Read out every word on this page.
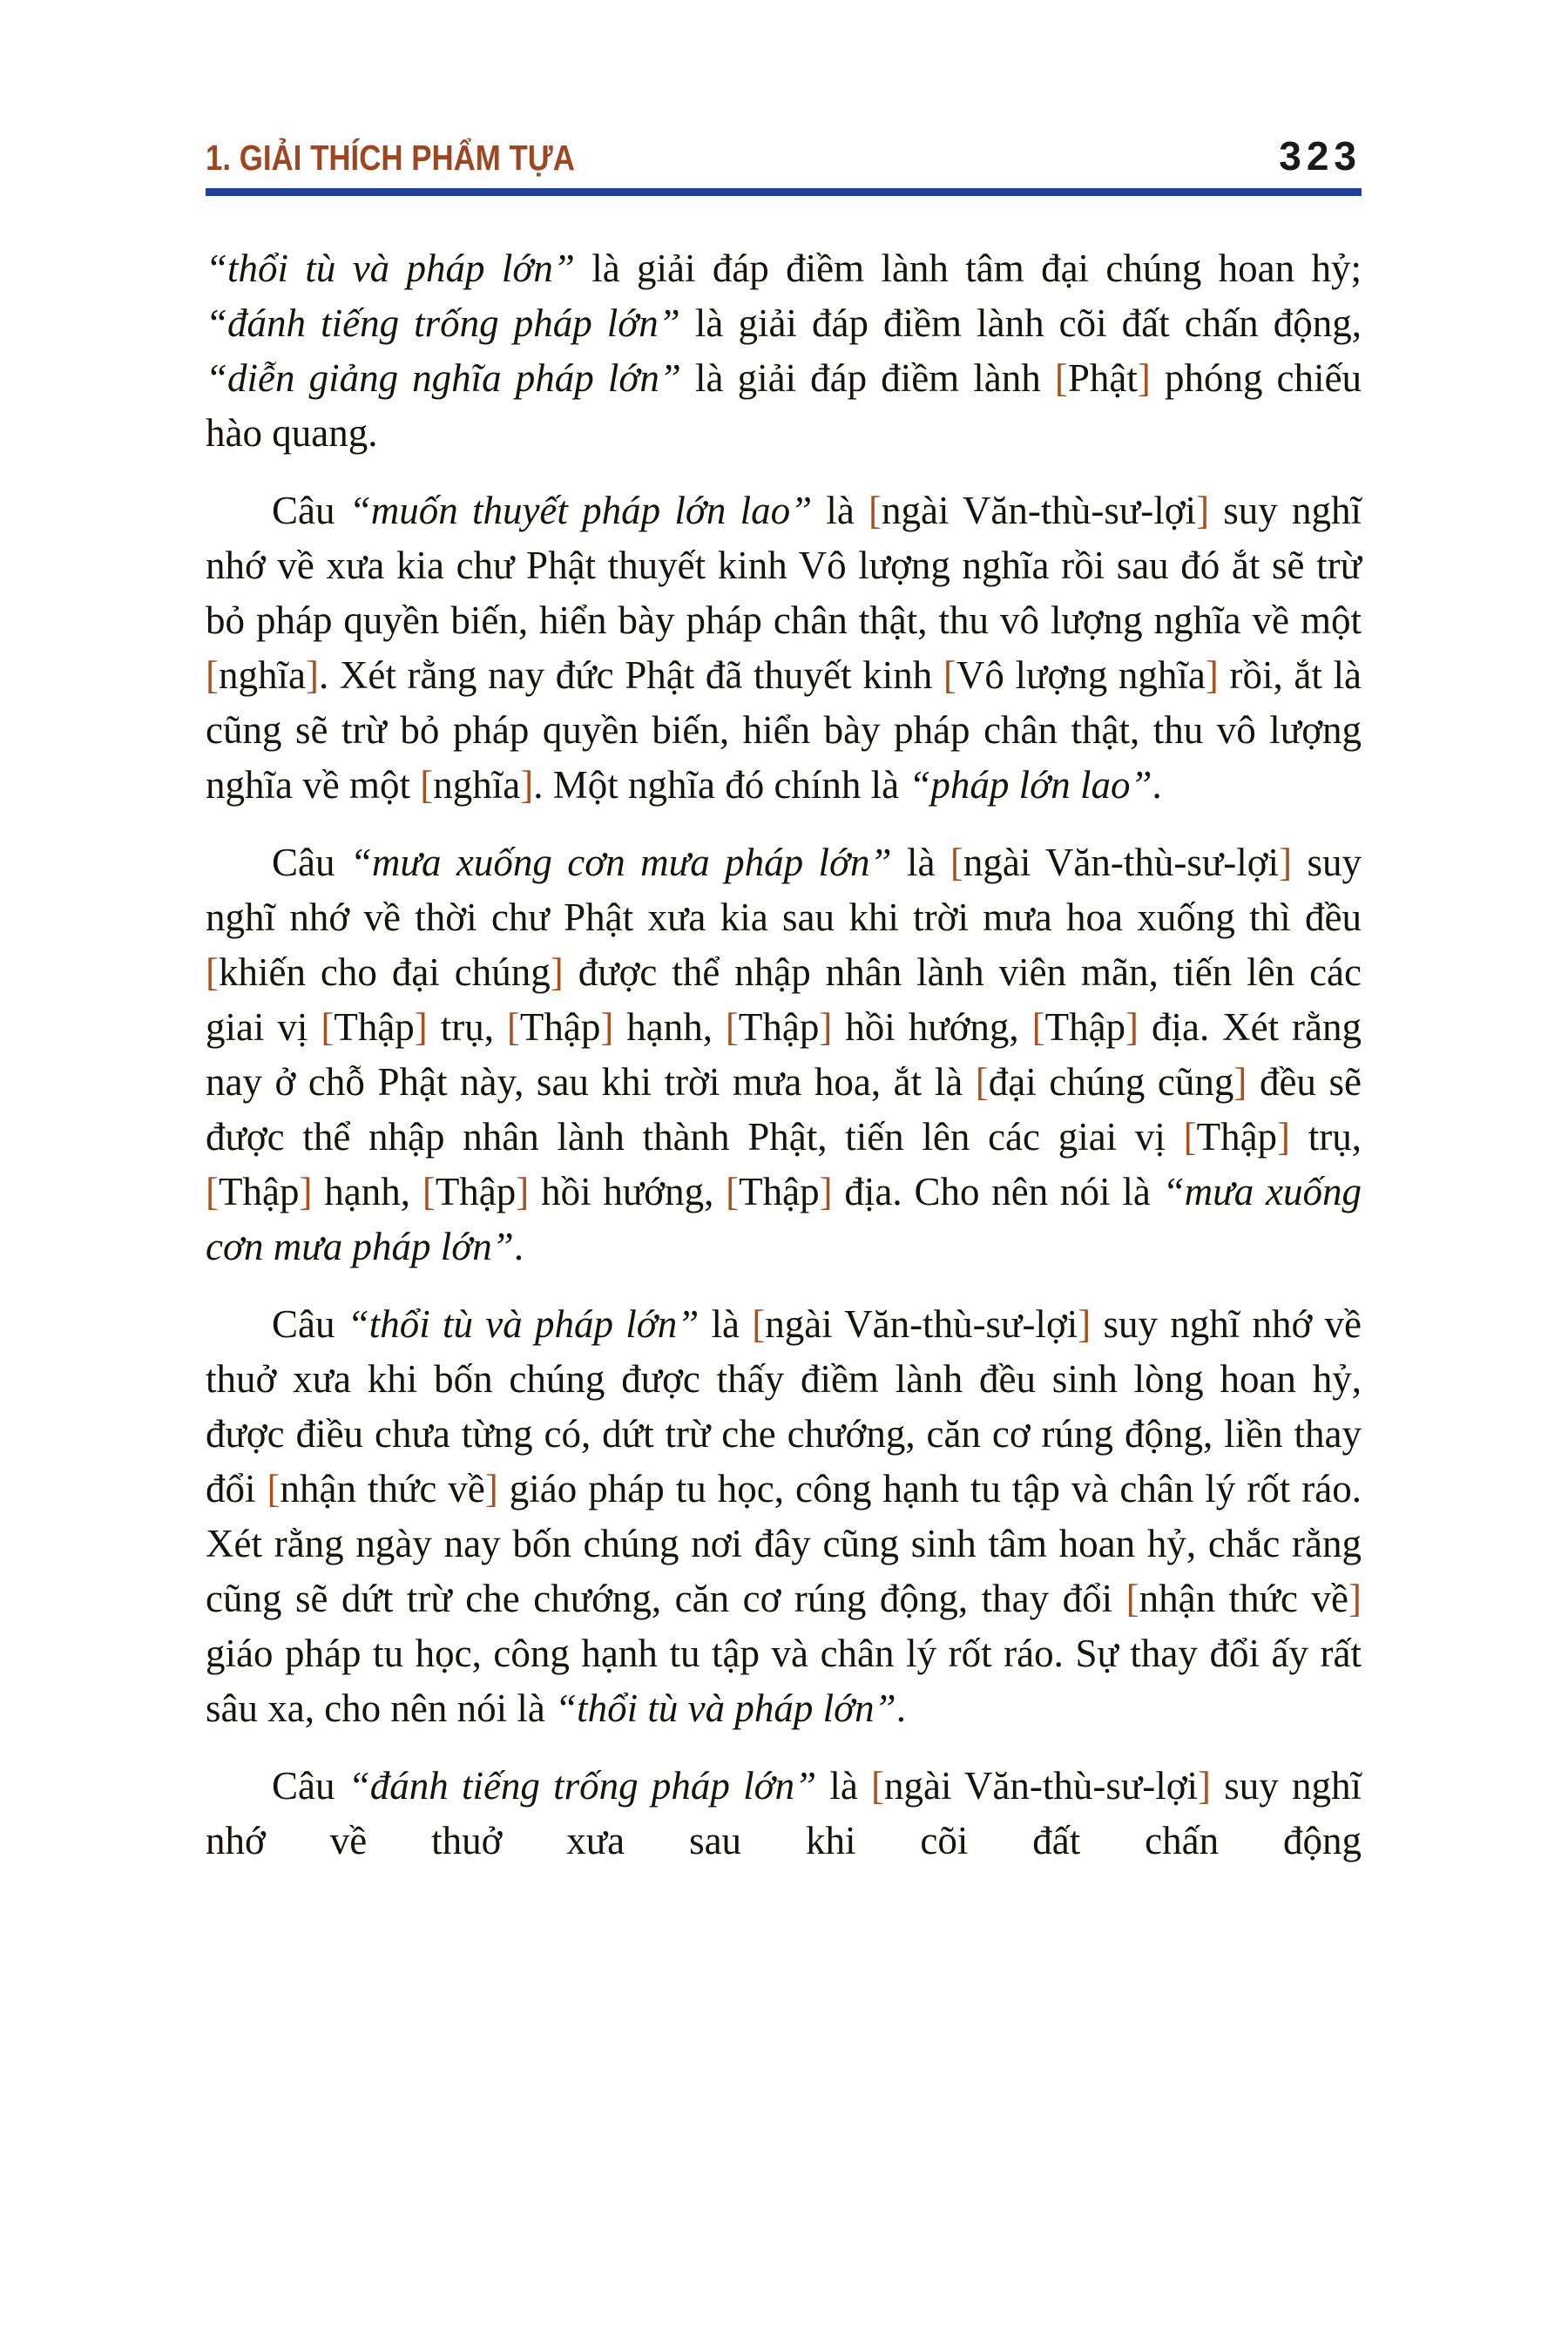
1. GIẢI THÍCH PHẨM TỰA	323

“thổi tù và pháp lớn” là giải đáp điềm lành tâm đại chúng hoan hỷ; “đánh tiếng trống pháp lớn” là giải đáp điềm lành cõi đất chấn động, “diễn giảng nghĩa pháp lớn” là giải đáp điềm lành [Phật] phóng chiếu hào quang.

Câu “muốn thuyết pháp lớn lao” là [ngài Văn-thù-sư-lợi] suy nghĩ nhớ về xưa kia chư Phật thuyết kinh Vô lượng nghĩa rồi sau đó ắt sẽ trừ bỏ pháp quyền biến, hiển bày pháp chân thật, thu vô lượng nghĩa về một [nghĩa]. Xét rằng nay đức Phật đã thuyết kinh [Vô lượng nghĩa] rồi, ắt là cũng sẽ trừ bỏ pháp quyền biến, hiển bày pháp chân thật, thu vô lượng nghĩa về một [nghĩa]. Một nghĩa đó chính là “pháp lớn lao”.

Câu “mưa xuống cơn mưa pháp lớn” là [ngài Văn-thù-sư-lợi] suy nghĩ nhớ về thời chư Phật xưa kia sau khi trời mưa hoa xuống thì đều [khiến cho đại chúng] được thể nhập nhân lành viên mãn, tiến lên các giai vị [Thập] trụ, [Thập] hạnh, [Thập] hồi hướng, [Thập] địa. Xét rằng nay ở chỗ Phật này, sau khi trời mưa hoa, ắt là [đại chúng cũng] đều sẽ được thể nhập nhân lành thành Phật, tiến lên các giai vị [Thập] trụ, [Thập] hạnh, [Thập] hồi hướng, [Thập] địa. Cho nên nói là “mưa xuống cơn mưa pháp lớn”.

Câu “thổi tù và pháp lớn” là [ngài Văn-thù-sư-lợi] suy nghĩ nhớ về thuở xưa khi bốn chúng được thấy điềm lành đều sinh lòng hoan hỷ, được điều chưa từng có, dứt trừ che chướng, căn cơ rúng động, liền thay đổi [nhận thức về] giáo pháp tu học, công hạnh tu tập và chân lý rốt ráo. Xét rằng ngày nay bốn chúng nơi đây cũng sinh tâm hoan hỷ, chắc rằng cũng sẽ dứt trừ che chướng, căn cơ rúng động, thay đổi [nhận thức về] giáo pháp tu học, công hạnh tu tập và chân lý rốt ráo. Sự thay đổi ấy rất sâu xa, cho nên nói là “thổi tù và pháp lớn”.

Câu “đánh tiếng trống pháp lớn” là [ngài Văn-thù-sư-lợi] suy nghĩ nhớ về thuở xưa sau khi cõi đất chấn động
